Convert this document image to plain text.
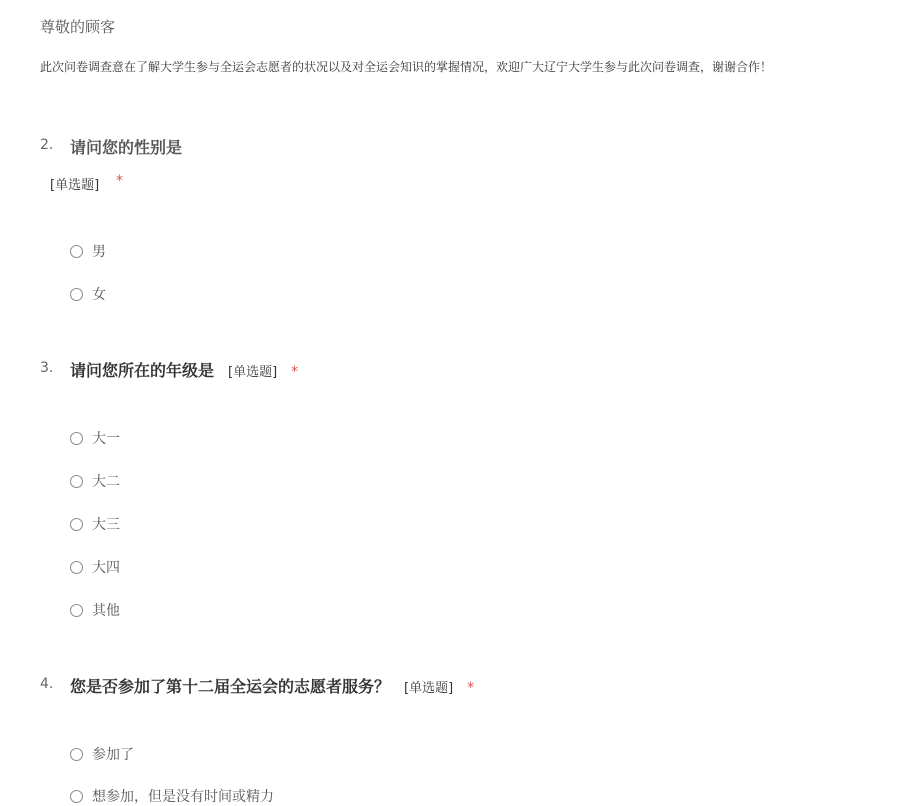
尊敬的顾客
此次问卷调查意在了解大学生参与全运会志愿者的状况以及对全运会知识的掌握情况，欢迎广大辽宁大学生参与此次问卷调查，谢谢合作！
2. 请问您的性别是
[单选题] *
男
女
3. 请问您所在的年级是 [单选题] *
大一
大二
大三
大四
其他
4. 您是否参加了第十二届全运会的志愿者服务？ [单选题] *
参加了
想参加，但是没有时间或精力
